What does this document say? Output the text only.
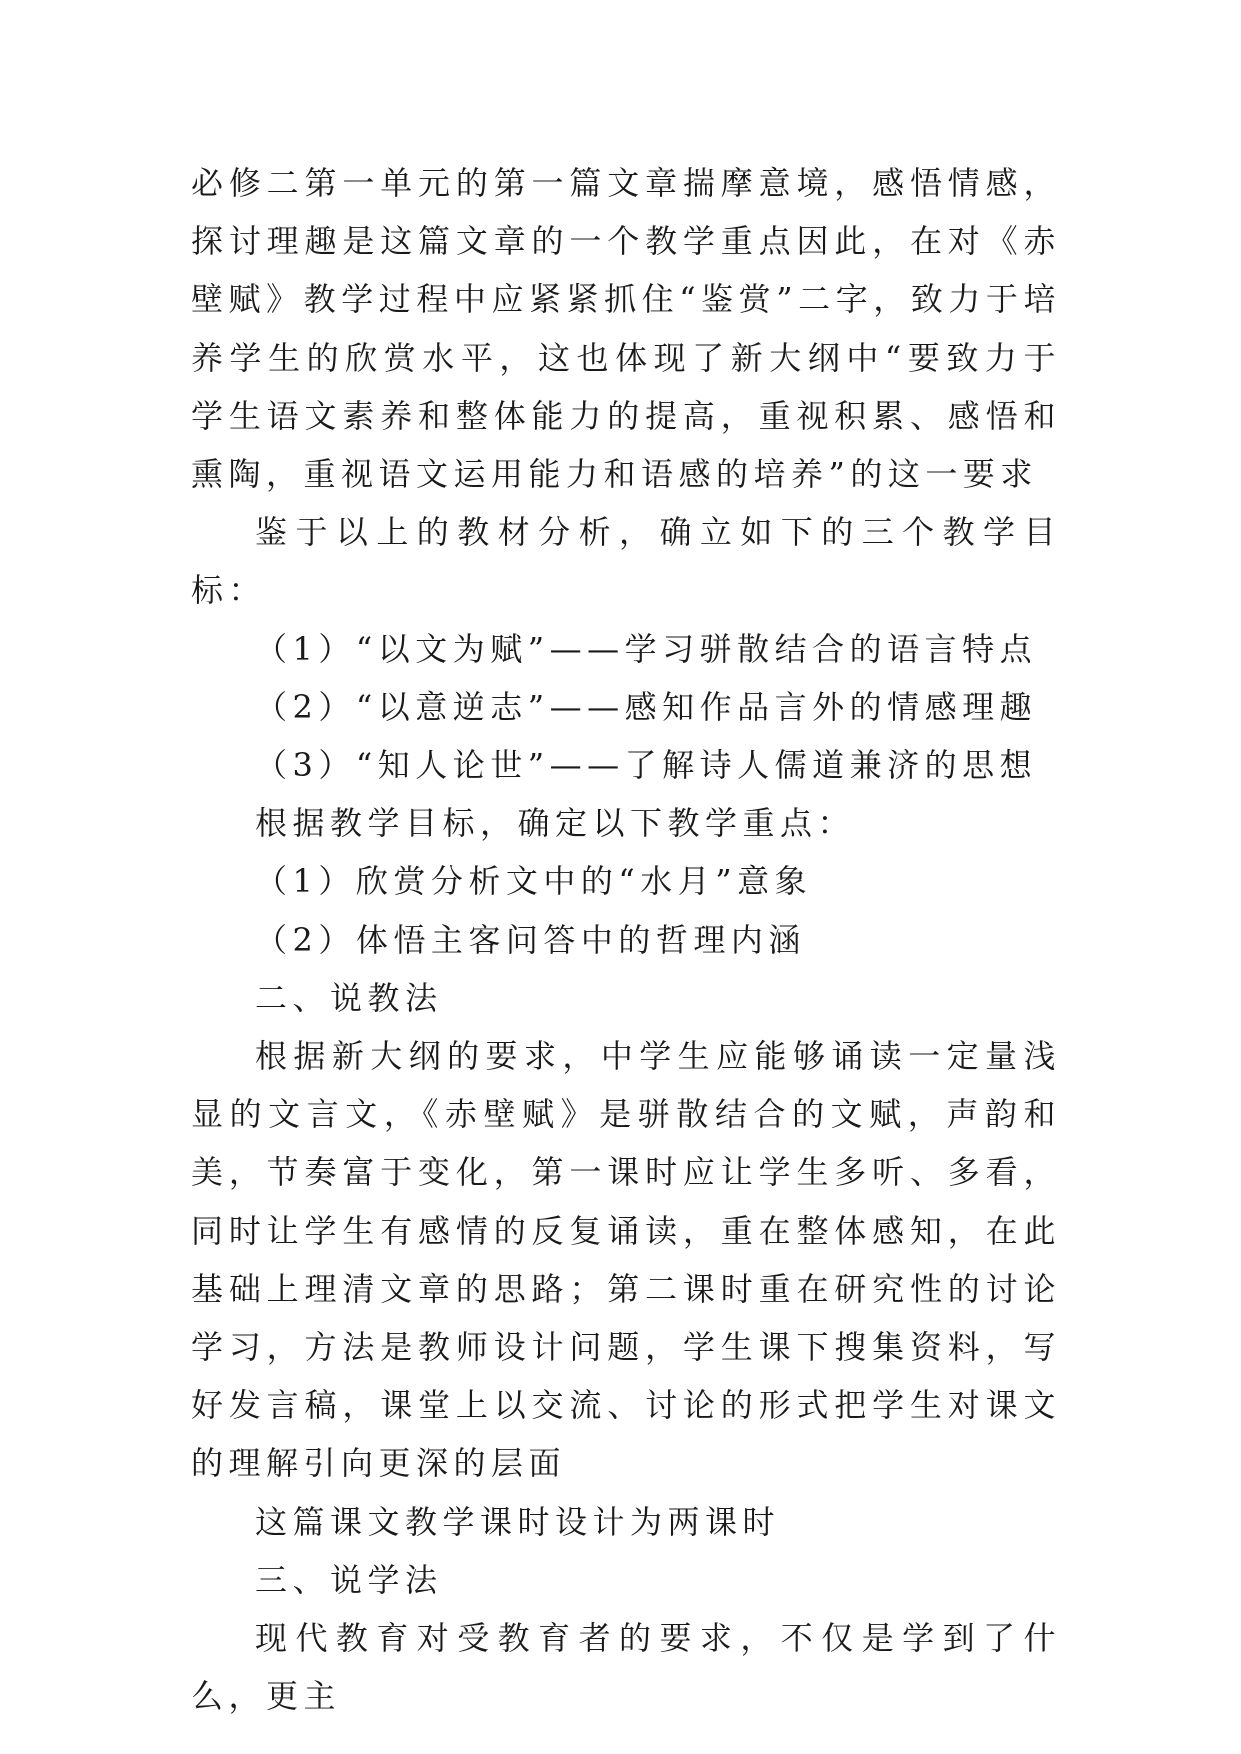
必修二第一单元的第一篇文章揣摩意境，感悟情感，探讨理趣是这篇文章的一个教学重点因此，在对《赤壁赋》教学过程中应紧紧抓住“鉴赏”二字，致力于培养学生的欣赏水平，这也体现了新大纲中“要致力于学生语文素养和整体能力的提高，重视积累、感悟和熏陶，重视语文运用能力和语感的培养”的这一要求

鉴于以上的教材分析，确立如下的三个教学目标：

（1）“以文为赋”——学习骈散结合的语言特点

（2）“以意逆志”——感知作品言外的情感理趣

（3）“知人论世”——了解诗人儒道兼济的思想

根据教学目标，确定以下教学重点：

（1）欣赏分析文中的“水月”意象

（2）体悟主客问答中的哲理内涵

二、说教法

根据新大纲的要求，中学生应能够诵读一定量浅显的文言文，《赤壁赋》是骈散结合的文赋，声韵和美，节奏富于变化，第一课时应让学生多听、多看，同时让学生有感情的反复诵读，重在整体感知，在此基础上理清文章的思路；第二课时重在研究性的讨论学习，方法是教师设计问题，学生课下搜集资料，写好发言稿，课堂上以交流、讨论的形式把学生对课文的理解引向更深的层面

这篇课文教学课时设计为两课时

三、说学法

现代教育对受教育者的要求，不仅是学到了什么，更主
